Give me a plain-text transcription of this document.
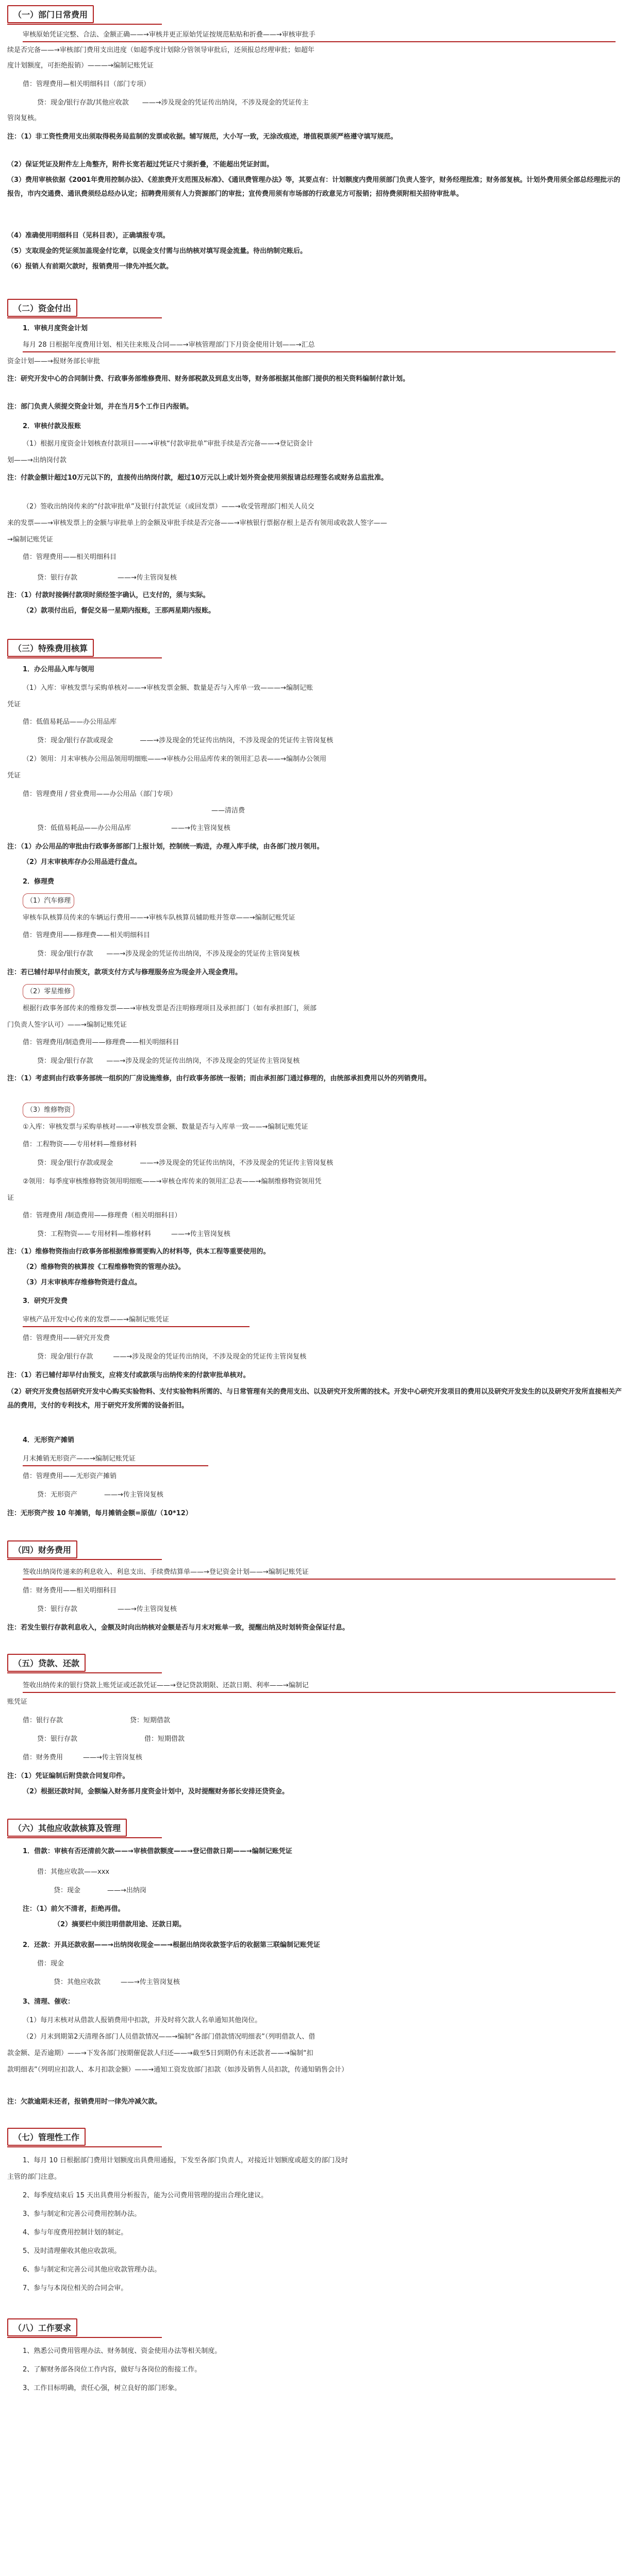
（一）部门日常费用
审核原始凭证完整、合法、金额正确——→审核并更正原始凭证按规范粘贴和折叠——→审核审批手
续是否完备——→审核部门费用支出进度（如超季度计划除分管领导审批后，还须报总经理审批；如超年
度计划额度，可拒绝报销）———→编制记账凭证
借：管理费用—相关明细科目（部门专项）
贷：现金/银行存款/其他应收款　　——→涉及现金的凭证传出纳岗，不涉及现金的凭证传主
管岗复核。
注：（1）非工资性费用支出须取得税务局监制的发票或收据。辅写规范，大小写一致，无涂改痕迹，增值税票须严格遵守填写规范。
（2）保证凭证及附件左上角整齐，附件长宽若超过凭证尺寸须折叠，不能超出凭证封面。
（3）费用审核依据《2001年费用控制办法》、《差旅费开支范围及标准》、《通讯费管理办法》等，其要点有：计划额度内费用须部门负责人签字，财务经理批准；财务部复核。计划外费用须全部总经理批示的报告，市内交通费、通讯费须经总经办认定；招聘费用须有人力资源部门的审批；宣传费用须有市场部的行政意见方可报销；招待费须附相关招待审批单。
（4）准确使用明细科目（见科目表），正确填报专项。
（5）支取现金的凭证须加盖现金付讫章，以现金支付需与出纳核对填写现金流量。待出纳制完账后。
（6）报销人有前期欠款时，报销费用一律先冲抵欠款。
（二）资金付出
1．审核月度资金计划
每月 28 日根据年度费用计划、相关往来账及合同——→审核管理部门下月资金使用计划——→汇总
资金计划——→报财务部长审批
注：研究开发中心的合同制计费、行政事务部维修费用、财务部税款及到息支出等，财务部根据其他部门提供的相关资料编制付款计划。
注：部门负责人须提交资金计划，并在当月5个工作日内报销。
2．审核付款及报账
（1）根据月度资金计划核查付款项目——→审核“付款审批单”审批手续是否完备——→登记资金计
划——→出纳岗付款
注：付款金额计超过10万元以下的，直接传出纳岗付款，超过10万元以上或计划外资金使用须报请总经理签名或财务总监批准。
（2）签收出纳岗传来的“付款审批单”及银行付款凭证（或回发票）——→收受管理部门相关人员交
来的发票——→审核发票上的金额与审批单上的金额及审批手续是否完备——→审核银行票据存根上是否有领用或收款人签字——
→编制记账凭证
借：管理费用——相关明细科目
贷：银行存款　　　　　　——→传主管岗复核
注：（1）付款时接俩付款项时须经签字确认，已支付的，须与实际。
（2）款项付出后，督促交易一星期内报账，王那两星期内报账。
（三）特殊费用核算
1．办公用品入库与领用
（1）入库：审核发票与采购单核对——→审核发票金额、数量是否与入库单一致———→编制记账
凭证
借：低值易耗品——办公用品库
贷：现金/银行存款或现金　　　　——→涉及现金的凭证传出纳岗，不涉及现金的凭证传主管岗复核
（2）领用：月末审核办公用品领用明细账——→审核办公用品库传来的领用汇总表——→编制办公领用
凭证
借：管理费用 / 营业费用——办公用品（部门专项）
——清洁费
贷：低值易耗品——办公用品库　　　　　　——→传主管岗复核
注：（1）办公用品的审批由行政事务部部门上报计划，控制统一购进，办理入库手续，由各部门按月领用。
（2）月末审核库存办公用品进行盘点。
2．修理费
（1）汽车修理
审核车队核算员传来的车辆运行费用——→审核车队核算员辅助账并签章——→编制记账凭证
借：管理费用——修理费——相关明细科目
贷：现金/银行存款　　——→涉及现金的凭证传出纳岗，不涉及现金的凭证传主管岗复核
注：若已辅付却早付由预支，款项支付方式与修理服务应为现金并入现金费用。
（2）零星维修
根据行政事务部传来的维修发票——→审核发票是否注明修理项目及承担部门（如有承担部门，须部
门负责人签字认可）——→编制记账凭证
借：管理费用/制造费用——修理费——相关明细科目
贷：现金/银行存款　　——→涉及现金的凭证传出纳岗，不涉及现金的凭证传主管岗复核
注：（1）考虑到由行政事务部统一组织的厂房设施维修，由行政事务部统一报销；而由承担部门通过修理的，由统部承担费用以外的列销费用。
（3）维修物资
①入库：审核发票与采购单核对——→审核发票金额、数量是否与入库单一致——→编制记账凭证
借：工程物资——专用材料—维修材料
贷：现金/银行存款或现金　　　　——→涉及现金的凭证传出纳岗，不涉及现金的凭证传主管岗复核
②领用：每季度审核维修物资领用明细账——→审核仓库传来的领用汇总表——→编制维修物资领用凭
证
借：管理费用 /制造费用——修理费（相关明细科目）
贷：工程物资——专用材料—维修材料　　　——→传主管岗复核
注：（1）维修物资指由行政事务部根据维修需要购入的材料等，供本工程等重要使用的。
（2）维修物资的核算按《工程维修物资的管理办法》。
（3）月末审核库存维修物资进行盘点。
3．研究开发费
审核产品开发中心传来的发票——→编制记账凭证
借：管理费用——研究开发费
贷：现金/银行存款　　　——→涉及现金的凭证传出纳岗，不涉及现金的凭证传主管岗复核
注：（1）若已辅付却早付由预支，应将支付或款项与出纳传来的付款审批单核对。
（2）研究开发费包括研究开发中心购买实验物料、支付实验物料所需的、与日常管理有关的费用支出、以及研究开发所需的技术。开发中心研究开发项目的费用以及研究开发发生的以及研究开发所直接相关产品的费用，支付的专利技术，用于研究开发所需的设备折旧。
4．无形资产摊销
月末摊销无形资产——→编制记账凭证
借：管理费用——无形资产摊销
贷：无形资产　　　　——→传主管岗复核
注：无形资产按 10 年摊销，每月摊销金额=原值/（10*12）
（四）财务费用
签收出纳岗传递来的利息收入、利息支出、手续费结算单——→登记资金计划——→编制记账凭证
借：财务费用——相关明细科目
贷：银行存款　　　　　　——→传主管岗复核
注：若发生银行存款利息收入，金额及时向出纳核对金额是否与月末对账单一致，提醒出纳及时划转资金保证付息。
（五）贷款、还款
签收出纳传来的银行贷款上账凭证或还款凭证——→登记贷款期限、还款日期、利率——→编制记
账凭证
借：银行存款　　　　　　　　　　贷：短期借款
贷：银行存款　　　　　　　　　　借：短期借款
借：财务费用　　　——→传主管岗复核
注：（1）凭证编制后附贷款合同复印件。
（2）根据还款时间，金额编入财务部月度资金计划中，及时提醒财务部长安排还贷资金。
（六）其他应收款核算及管理
1．借款：审核有否还清前欠款——→审核借款额度——→登记借款日期——→编制记账凭证
借：其他应收款——xxx
贷：现金　　　　——→出纳岗
注：（1）前欠不清者，拒绝再借。
（2）摘要栏中须注明借款用途、还款日期。
2．还款：开具还款收据——→出纳岗收现金——→根据出纳岗收款签字后的收据第三联编制记账凭证
借：现金
贷：其他应收款　　　——→传主管岗复核
3、清理、催收：
（1）每月末核对从借款人报销费用中扣款，并及时将欠款人名单通知其他岗位。
（2）月末到期第2天清理各部门人员借款情况——→编制“各部门借款情况明细表”（列明借款人、借
款金额、是否逾期）——→下发各部门按期催促款人归还——→截至5日到期仍有未还款者——→编制“扣
款明细表”（列明应扣款人、本月扣款金额）——→通知工资发放部门扣款（如涉及销售人员扣款，传通知销售会计）
注：欠款逾期未还者，报销费用时一律先冲减欠款。
（七）管理性工作
1、每月 10 日根据部门费用计划额度出具费用通报，下发至各部门负责人，对接近计划额度或超支的部门及时
主管的部门注意。
2、每季度结束后 15 天出具费用分析报告，能为公司费用管理的提出合理化建议。
3、参与制定和完善公司费用控制办法。
4、参与年度费用控制计划的制定。
5、及时清理催收其他应收款项。
6、参与制定和完善公司其他应收款管理办法。
7、参与与本岗位相关的合同会审。
（八）工作要求
1、熟悉公司费用管理办法、财务制度、资金使用办法等相关制度。
2、了解财务部各岗位工作内容，做好与各岗位的衔接工作。
3、工作目标明确，责任心强，树立良好的部门形象。
